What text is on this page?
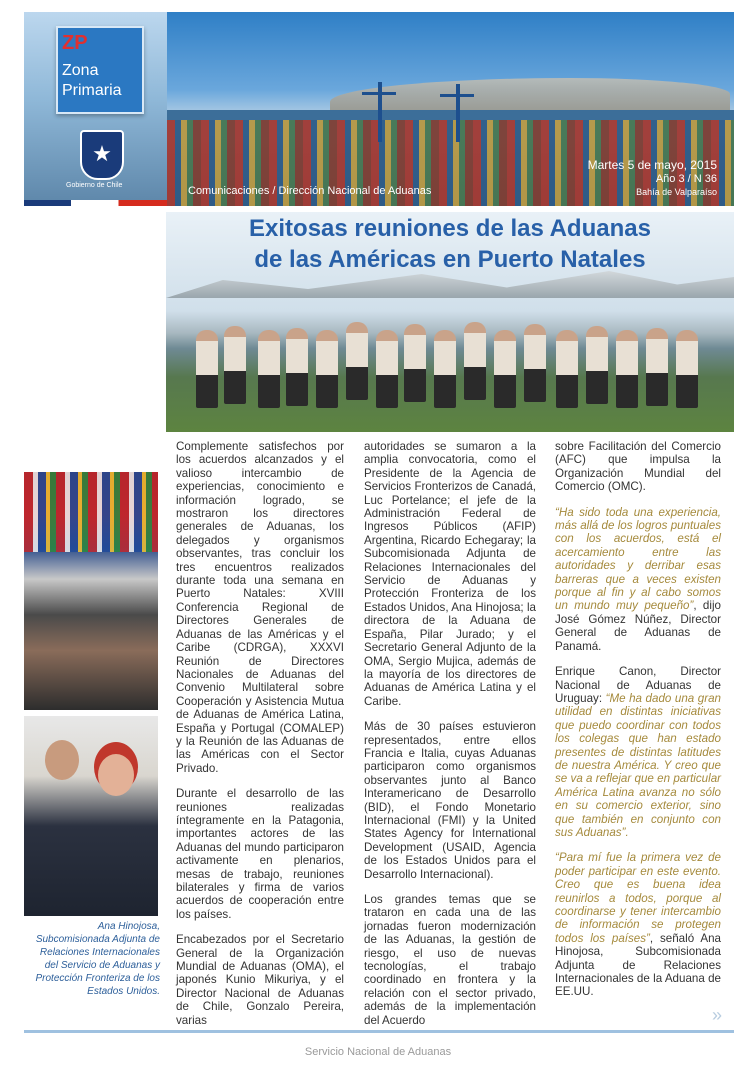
ZP
Zona
Primaria
★
Gobierno de Chile
Martes 5 de mayo, 2015
Año 3 / N 36
Bahía de Valparaíso
Comunicaciones / Dirección Nacional de Aduanas
Exitosas reuniones de las Aduanas
de las Américas en Puerto Natales
Ana Hinojosa, Subcomisionada Adjunta de Relaciones Internacionales del Servicio de Aduanas y Protección Fronteriza de los Estados Unidos.

Complemente satisfechos por los acuerdos alcanzados y el valioso intercambio de experiencias, conocimiento e información logrado, se mostraron los directores generales de Aduanas, los delegados y organismos observantes, tras concluir los tres encuentros realizados durante toda una semana en Puerto Natales: XVIII Conferencia Regional de Directores Generales de Aduanas de las Américas y el Caribe (CDRGA), XXXVI Reunión de Directores Nacionales de Aduanas del Convenio Multilateral sobre Cooperación y Asistencia Mutua de Aduanas de América Latina, España y Portugal (COMALEP) y la Reunión de las Aduanas de las Américas con el Sector Privado.

Durante el desarrollo de las reuniones realizadas íntegramente en la Patagonia, importantes actores de las Aduanas del mundo participaron activamente en plenarios, mesas de trabajo, reuniones bilaterales y firma de varios acuerdos de cooperación entre los países.

Encabezados por el Secretario General de la Organización Mundial de Aduanas (OMA), el japonés Kunio Mikuriya, y el Director Nacional de Aduanas de Chile, Gonzalo Pereira, varias

autoridades se sumaron a la amplia convocatoria, como el Presidente de la Agencia de Servicios Fronterizos de Canadá, Luc Portelance; el jefe de la Administración Federal de Ingresos Públicos (AFIP) Argentina, Ricardo Echegaray; la Subcomisionada Adjunta de Relaciones Internacionales del Servicio de Aduanas y Protección Fronteriza de los Estados Unidos, Ana Hinojosa; la directora de la Aduana de España, Pilar Jurado; y el Secretario General Adjunto de la OMA, Sergio Mujica, además de la mayoría de los directores de Aduanas de América Latina y el Caribe.

Más de 30 países estuvieron representados, entre ellos Francia e Italia, cuyas Aduanas participaron como organismos observantes junto al Banco Interamericano de Desarrollo (BID), el Fondo Monetario Internacional (FMI) y la United States Agency for International Development (USAID, Agencia de los Estados Unidos para el Desarrollo Internacional).

Los grandes temas que se trataron en cada una de las jornadas fueron modernización de las Aduanas, la gestión de riesgo, el uso de nuevas tecnologías, el trabajo coordinado en frontera y la relación con el sector privado, además de la implementación del Acuerdo

sobre Facilitación del Comercio (AFC) que impulsa la Organización Mundial del Comercio (OMC).

“Ha sido toda una experiencia, más allá de los logros puntuales con los acuerdos, está el acercamiento entre las autoridades y derribar esas barreras que a veces existen porque al fin y al cabo somos un mundo muy pequeño”, dijo José Gómez Núñez, Director General de Aduanas de Panamá.

Enrique Canon, Director Nacional de Aduanas de Uruguay: “Me ha dado una gran utilidad en distintas iniciativas que puedo coordinar con todos los colegas que han estado presentes de distintas latitudes de nuestra América. Y creo que se va a reflejar que en particular América Latina avanza no sólo en su comercio exterior, sino que también en conjunto con sus Aduanas”.

“Para mí fue la primera vez de poder participar en este evento. Creo que es buena idea reunirlos a todos, porque al coordinarse y tener intercambio de información se protegen todos los países”, señaló Ana Hinojosa, Subcomisionada Adjunta de Relaciones Internacionales de la Aduana de EE.UU.

»
Servicio Nacional de Aduanas
